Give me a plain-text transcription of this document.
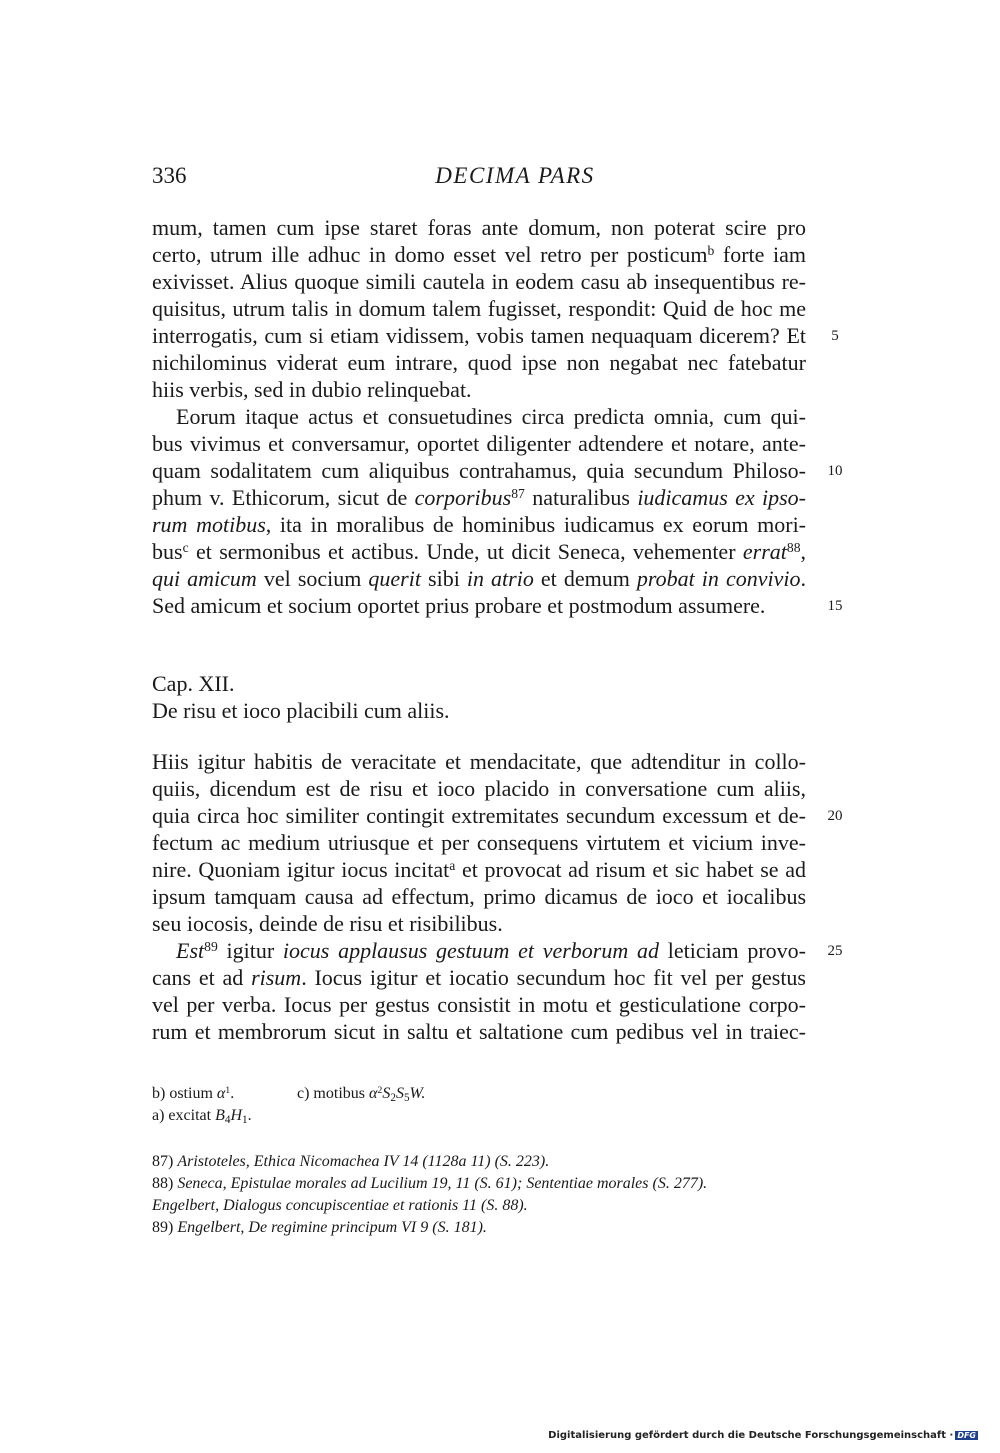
336	DECIMA PARS
mum, tamen cum ipse staret foras ante domum, non poterat scire pro
certo, utrum ille adhuc in domo esset vel retro per posticum$^b$ forte iam
exivisset. Alius quoque simili cautela in eodem casu ab insequentibus re-
quisitus, utrum talis in domum talem fugisset, respondit: Quid de hoc me
interrogatis, cum si etiam vidissem, vobis tamen nequaquam dicerem? Et
nichilominus viderat eum intrare, quod ipse non negabat nec fatebatur
hiis verbis, sed in dubio relinquebat.
Eorum itaque actus et consuetudines circa predicta omnia, cum qui-
bus vivimus et conversamur, oportet diligenter adtendere et notare, ante-
quam sodalitatem cum aliquibus contrahamus, quia secundum Philoso-
phum v. Ethicorum, sicut de corporibus$^{87}$ naturalibus iudicamus ex ipso-
rum motibus, ita in moralibus de hominibus iudicamus ex eorum mori-
bus$^c$ et sermonibus et actibus. Unde, ut dicit Seneca, vehementer errat$^{88}$,
qui amicum vel socium querit sibi in atrio et demum probat in convivio.
Sed amicum et socium oportet prius probare et postmodum assumere.
Cap. XII.
De risu et ioco placibili cum aliis.
Hiis igitur habitis de veracitate et mendacitate, que adtenditur in collo-
quiis, dicendum est de risu et ioco placido in conversatione cum aliis,
quia circa hoc similiter contingit extremitates secundum excessum et de-
fectum ac medium utriusque et per consequens virtutem et vicium inve-
nire. Quoniam igitur iocus incitat$^a$ et provocat ad risum et sic habet se ad
ipsum tamquam causa ad effectum, primo dicamus de ioco et iocalibus
seu iocosis, deinde de risu et risibilibus.
Est$^{89}$ igitur iocus applausus gestuum et verborum ad leticiam provo-
cans et ad risum. Iocus igitur et iocatio secundum hoc fit vel per gestus
vel per verba. Iocus per gestus consistit in motu et gesticulatione corpo-
rum et membrorum sicut in saltu et saltatione cum pedibus vel in traiec-
5
10
15
20
25
b) ostium $\alpha^1$.	c) motibus $\alpha^2S_2S_5W$.
a) excitat $B_4H_1$.
87) Aristoteles, Ethica Nicomachea IV 14 (1128a 11) (S. 223).
88) Seneca, Epistulae morales ad Lucilium 19, 11 (S. 61); Sententiae morales (S. 277).
Engelbert, Dialogus concupiscentiae et rationis 11 (S. 88).
89) Engelbert, De regimine principum VI 9 (S. 181).
Digitalisierung gefördert durch die Deutsche Forschungsgemeinschaft · DFG
